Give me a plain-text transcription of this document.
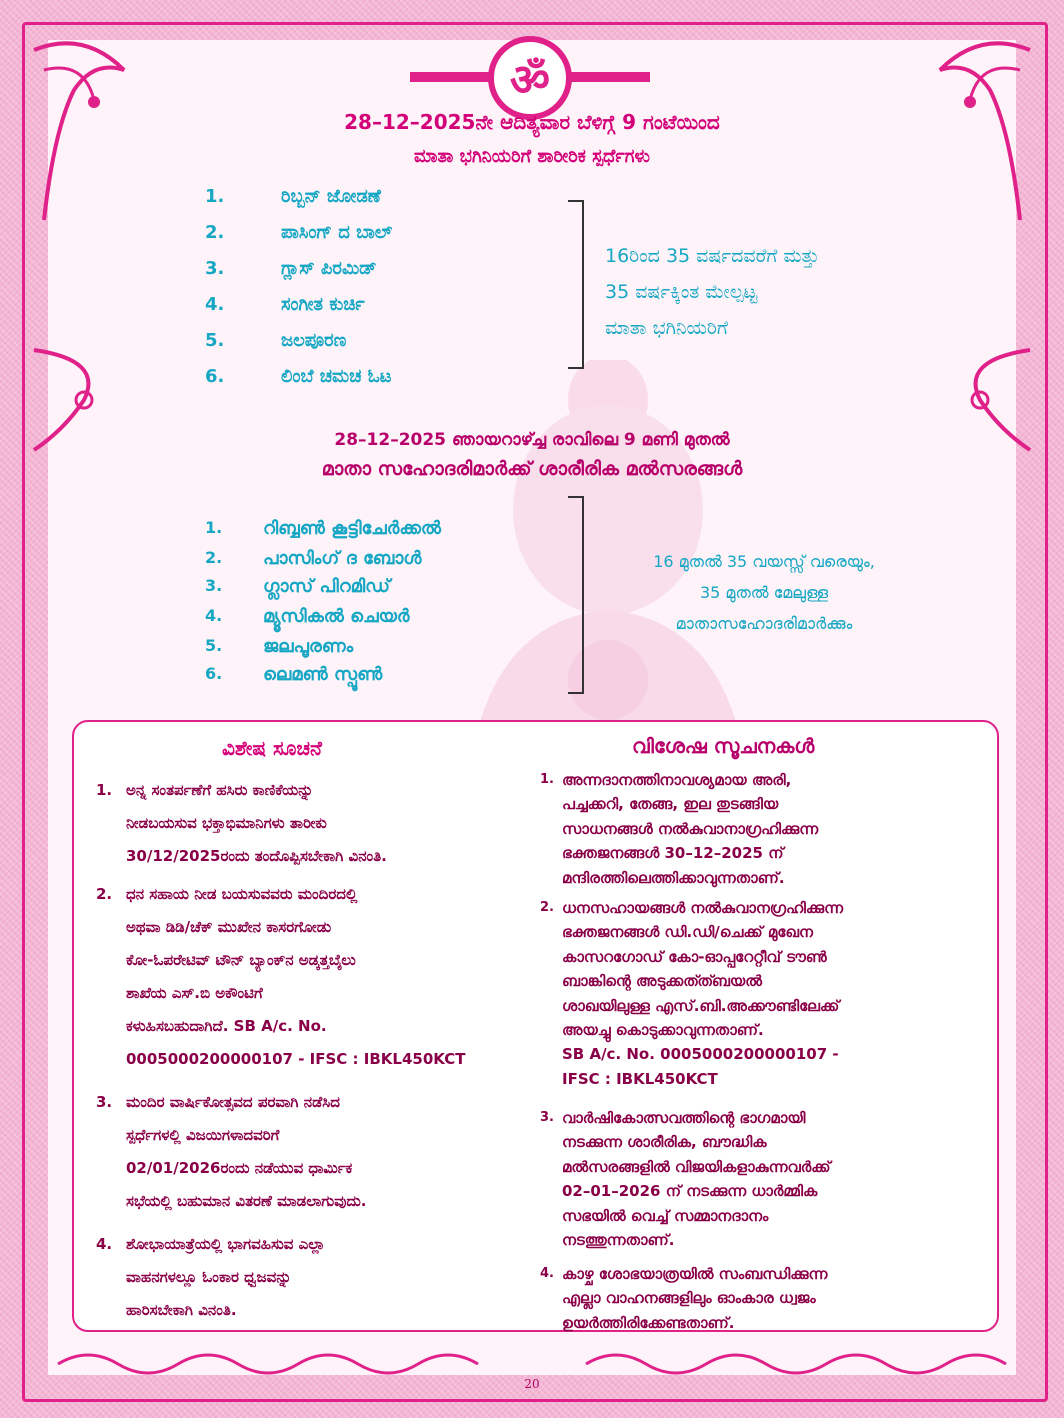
ॐ
28–12–2025ನೇ ಆದಿತ್ಯವಾರ ಬೆಳಿಗ್ಗೆ 9 ಗಂಟೆಯಿಂದ
ಮಾತಾ ಭಗಿನಿಯರಿಗೆ ಶಾರೀರಿಕ ಸ್ಪರ್ಧೆಗಳು
1.	ರಿಬ್ಬನ್ ಜೋಡಣೆ
2.	ಪಾಸಿಂಗ್ ದ ಬಾಲ್
3.	ಗ್ಲಾಸ್ ಪಿರಮಿಡ್
4.	ಸಂಗೀತ ಕುರ್ಚಿ
5.	ಜಲಪೂರಣ
6.	ಲಿಂಬೆ ಚಮಚ ಓಟ
16ರಿಂದ 35 ವರ್ಷದವರೆಗೆ ಮತ್ತು
35 ವರ್ಷಕ್ಕಿಂತ ಮೇಲ್ಪಟ್ಟ
ಮಾತಾ ಭಗಿನಿಯರಿಗೆ
28–12–2025 ഞായറാഴ്ച്ച രാവിലെ 9 മണി മുതൽ
മാതാ സഹോദരിമാർക്ക് ശാരീരിക മൽസരങ്ങൾ
1. റിബ്ബൺ കൂട്ടിചേർക്കൽ
2. പാസിംഗ് ദ ബോൾ
3. ഗ്ലാസ് പിറമിഡ്
4. മ്യൂസികൽ ചെയർ
5. ജലപൂരണം
6. ലെമൺ സ്പൂൺ
16 മുതൽ 35 വയസ്സ് വരെയും,
35 മുതൽ മേലുള്ള
മാതാസഹോദരിമാർക്കും
ವಿಶೇಷ ಸೂಚನೆ	വിശേഷ സൂചനകൾ
1. ಅನ್ನ ಸಂತರ್ಪಣೆಗೆ ಹಸಿರು ಕಾಣಿಕೆಯನ್ನು
ನೀಡಬಯಸುವ ಭಕ್ತಾಭಿಮಾನಿಗಳು ತಾರೀಕು
30/12/2025ರಂದು ತಂದೊಪ್ಪಿಸಬೇಕಾಗಿ ವಿನಂತಿ.
2. ಧನ ಸಹಾಯ ನೀಡ ಬಯಸುವವರು ಮಂದಿರದಲ್ಲಿ
ಅಥವಾ ಡಿಡಿ/ಚೆಕ್ ಮುಖೇನ ಕಾಸರಗೋಡು
ಕೋ-ಓಪರೇಟಿವ್ ಟೌನ್ ಬ್ಯಾಂಕ್‌ನ ಅಡ್ಕತ್ತಬೈಲು
ಶಾಖೆಯ ಎಸ್.ಬಿ ಅಕೌಂಟಿಗೆ
ಕಳುಹಿಸಬಹುದಾಗಿದೆ. SB A/c. No.
0005000200000107 - IFSC : IBKL450KCT
3. ಮಂದಿರ ವಾರ್ಷಿಕೋತ್ಸವದ ಪರವಾಗಿ ನಡೆಸಿದ
ಸ್ಪರ್ಧೆಗಳಲ್ಲಿ ವಿಜಯಿಗಳಾದವರಿಗೆ
02/01/2026ರಂದು ನಡೆಯುವ ಧಾರ್ಮಿಕ
ಸಭೆಯಲ್ಲಿ ಬಹುಮಾನ ವಿತರಣೆ ಮಾಡಲಾಗುವುದು.
4. ಶೋಭಾಯಾತ್ರೆಯಲ್ಲಿ ಭಾಗವಹಿಸುವ ಎಲ್ಲಾ
ವಾಹನಗಳಲ್ಲೂ ಓಂಕಾರ ಧ್ವಜವನ್ನು
ಹಾರಿಸಬೇಕಾಗಿ ವಿನಂತಿ.
1. അന്നദാനത്തിനാവശ്യമായ അരി,
പച്ചക്കറി, തേങ്ങ, ഇല തുടങ്ങിയ
സാധനങ്ങൾ നൽകുവാനാഗ്രഹിക്കുന്ന
ഭക്തജനങ്ങൾ 30–12–2025 ന്
മന്ദിരത്തിലെത്തിക്കാവുന്നതാണ്.
2. ധനസഹായങ്ങൾ നൽകുവാനഗ്രഹിക്കുന്ന
ഭക്തജനങ്ങൾ ഡി.ഡി/ചെക്ക് മുഖേന
കാസറഗോഡ് കോ-ഓപ്പറേറ്റീവ് ടൗൺ
ബാങ്കിന്റെ അടുക്കത്ത്ബയൽ
ശാഖയിലുള്ള എസ്.ബി.അക്കൗണ്ടിലേക്ക്
അയച്ചു കൊടുക്കാവുന്നതാണ്.
SB A/c. No. 0005000200000107 -
IFSC : IBKL450KCT
3. വാർഷികോത്സവത്തിന്റെ ഭാഗമായി
നടക്കുന്ന ശാരീരിക, ബൗദ്ധിക
മൽസരങ്ങളിൽ വിജയികളാകുന്നവർക്ക്
02–01–2026 ന് നടക്കുന്ന ധാർമ്മിക
സഭയിൽ വെച്ച് സമ്മാനദാനം
നടത്തുന്നതാണ്.
4. കാഴ്ച ശോഭയാത്രയിൽ സംബന്ധിക്കുന്ന
എല്ലാ വാഹനങ്ങളിലും ഓംകാര ധ്വജം
ഉയർത്തിരിക്കേണ്ടതാണ്.
20
